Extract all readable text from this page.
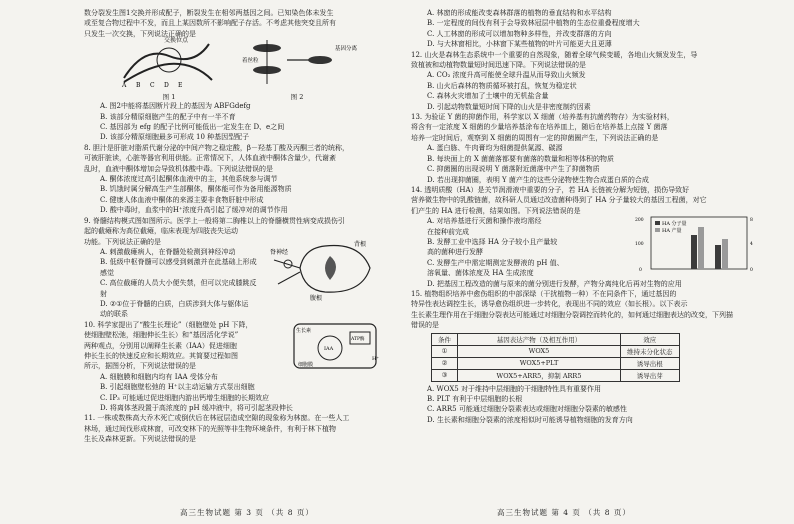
数分裂发生图1交换并形成配子，断裂发生在相邻两基因之间。已知染色体未发生

或至复合物过程中不发，而且上某因数所不影响配子存活。不考虑其他突变且所有

只发生一次交换，下列说法正确的是

交换位点
A B C D E
图 1
着丝粒
基因分离
图 2

A. 图2中能将基因断片段上的基因为 ABFGdefg

B. 该部分精原细胞产生的配子中有一半不育

C. 基因部为 efg 的配子比例可能低出一定发生在 D、e之间

D. 该部分精原细胞最多可形成 10 种基因型配子

8. 胆汁是肝脏对脂质代谢分泌的中间产物之稳定酸，β－羟基丁酸及丙酮三者的统称，

可被肝脏读，心脏等器官利用供能。正常情况下，人体血液中酮体含量少，代谢紊

乱时，血液中酮体增加会导致机体酸中毒。下列说法错误的是

A. 酮体浓度过高引起酮体血液中的主，其他系统参与调节

B. 饥饿时属分解高生产生部酮体，酮体能可作为备用能源物质

C. 健康人体血液中酮体的来源主要非食物肝脏中形成

D. 酸中毒时，血浆中的H⁺浓度升高引起了缓冲对的调节作用

9. 脊髓结构模式图如图所示。医学上一般将第二胸椎以上的脊髓横贯性病变成损伤引

起的截瘫称为高位截瘫，临床表现为四肢丧失运动

功能。下列说法正确的是

A. 刺激截瘫病人，在脊髓处检测到神经冲动

B. 低级中枢脊髓可以感受到刺激并在此基础上形成

感觉

C. 高位截瘫的人员大小便失禁，但可以完成膝跳反射

D. ②①位于脊髓的白质，白质涉到大体与躯体运

动的联系

背根
脊神经
腹根

10. 科学家提出了“酸生长理论”（细胞壁处 pH 下降，

使细胞壁松弛，细胞伸长生长）和“基因活化学说”

两种观点，分别用以阐释生长素（IAA）促进细胞

伸长生长的快速反应和长期效应。其简要过程如图

所示，据图分析，下列说法错误的是

生长素
IAA
细胞膜
ATP酶
H⁺

A. 细胞膜和细胞内均有 IAA 受体分布

B. 引起细胞壁松弛的 H⁺以主动运输方式泵出细胞

C. IP₃ 可能通过促进细胞内游出钙增生细胞的长期效应

D. 将离体茎段置于高浓度的 pH 缓冲液中，将可引起茎段伸长

11. 一株或数株高大乔木死亡或倒伏后在林冠层造成空隙的现象称为林窗。在一些人工

林场，通过间伐形成林窗，可改变林下的光照等非生物环境条件，有利于林下植物

生长及森林更新。下列说法错误的是

高三生物试题 第 3 页 （共 8 页）

A. 林窗的形成能改变森林群落的植物的垂直结构和水平结构

B. 一定程度的间伐有利于会导致林冠层中植物的生态位重叠程度增大

C. 人工林窗的形成可以增加物种多样性，并改变群落的方向

D. 与大林窗相比，小林窗下某些植物的叶片可能更大且更薄

12. 山火是森林生态系统中一个重要的自然现象，随着全球气候变暖，各地山火频发发生，导

致植被和动植物数量短时间迅速下降。下列说法错误的是

A. CO₂ 浓度升高可能使全球升温从而导致山火频发

B. 山火后森林的物质循环被打乱，恢复为稳定状

C. 森林火灾增加了土壤中的无机盐含量

D. 引起动物数量短时间下降的山火是非密度制约因素

13. 为验证 Y 菌的抑菌作用，科学家以 X 细菌（培养基有抗菌药物存）为实验材料，

将含有一定浓度 X 细菌的少量培养基涂布在培养皿上，随后在培养基上点接 Y 菌落

培养一定时间后，观察到 X 细菌的周围有一定的抑菌圈产生，下列说法正确的是

A. 蛋白胨、牛肉膏均为细菌提供氮源、碳源

B. 每块面上的 X 菌菌落都要有菌落的数量和相等体积的物质

C. 抑菌圈的出现说明 Y 菌落附近菌落中产生了抑菌物质

D. 若出现抑菌圈，表明 Y 菌产生的这些分泌物使生物合成蛋白质的合成

14. 透明质酸（HA）是关节润滑液中重要的分子，若 HA 长链被分解为短链，损伤导致好

营养微生物中的乳酸链菌，故科研人员通过改造菌种得到了 HA 分子量较大的基因工程菌，对它

们产生的 HA 进行检测，结果如图。下列说法错误的是

A. 对培养基进行灭菌和操作液均需经

在接种前完成

B. 发酵工业中选择 HA 分子较小且产量较

高的菌种进行发酵

C. 发酵生产中需定期测定发酵液的 pH 值、

溶氧量、菌体浓度及 HA 生成浓度

D. 把基因工程改造的菌与原来的菌分别进行发酵，产物分离纯化后再对生物的应用

HA 分子量
HA 产量
0
100
200
0
4
8

15. 植物组织培养中愈伤组织的中部深绿（干扰植物一种）不在同条件下，通过基因的

特异性表达调控生长，诱导愈伤组织进一步转化，表现出不同的效应（如长根）。以下表示

生长素生理作用在于细胞分裂表达可能通过对细胞分裂调控而转化的，如何通过细胞表达的改变，下列描

错误的是

条件	基因表达产物（及相互作用）	效应
①	WOX5	维持未分化状态
②	WOX5+PLT	诱导出根
③	WOX5+ARR5，抑制 ARR5	诱导出芽

A. WOX5 对于维持中层细胞的干细胞特性具有重要作用

B. PLT 有利于中层细胞的长根

C. ARR5 可能通过细胞分裂素表达或细胞对细胞分裂素的敏感性

D. 生长素和细胞分裂素的浓度相似时可能诱导植物细胞的发育方向

高三生物试题 第 4 页 （共 8 页）
